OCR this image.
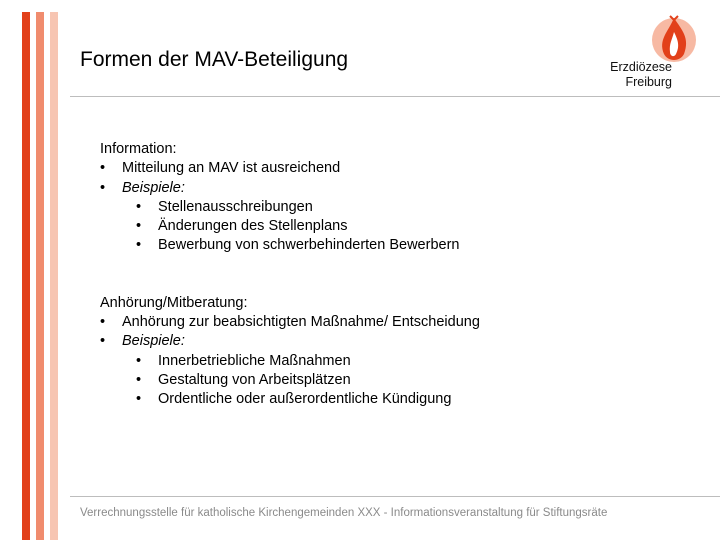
Formen der MAV-Beteiligung	Erzdiözese
Freiburg
Information:
•	Mitteilung an MAV ist ausreichend
•	Beispiele:
•	Stellenausschreibungen
•	Änderungen des Stellenplans
•	Bewerbung von schwerbehinderten Bewerbern
Anhörung/Mitberatung:
•	Anhörung zur beabsichtigten Maßnahme/ Entscheidung
•	Beispiele:
•	Innerbetriebliche Maßnahmen
•	Gestaltung von Arbeitsplätzen
•	Ordentliche oder außerordentliche Kündigung
Verrechnungsstelle für katholische Kirchengemeinden XXX - Informationsveranstaltung für Stiftungsräte
